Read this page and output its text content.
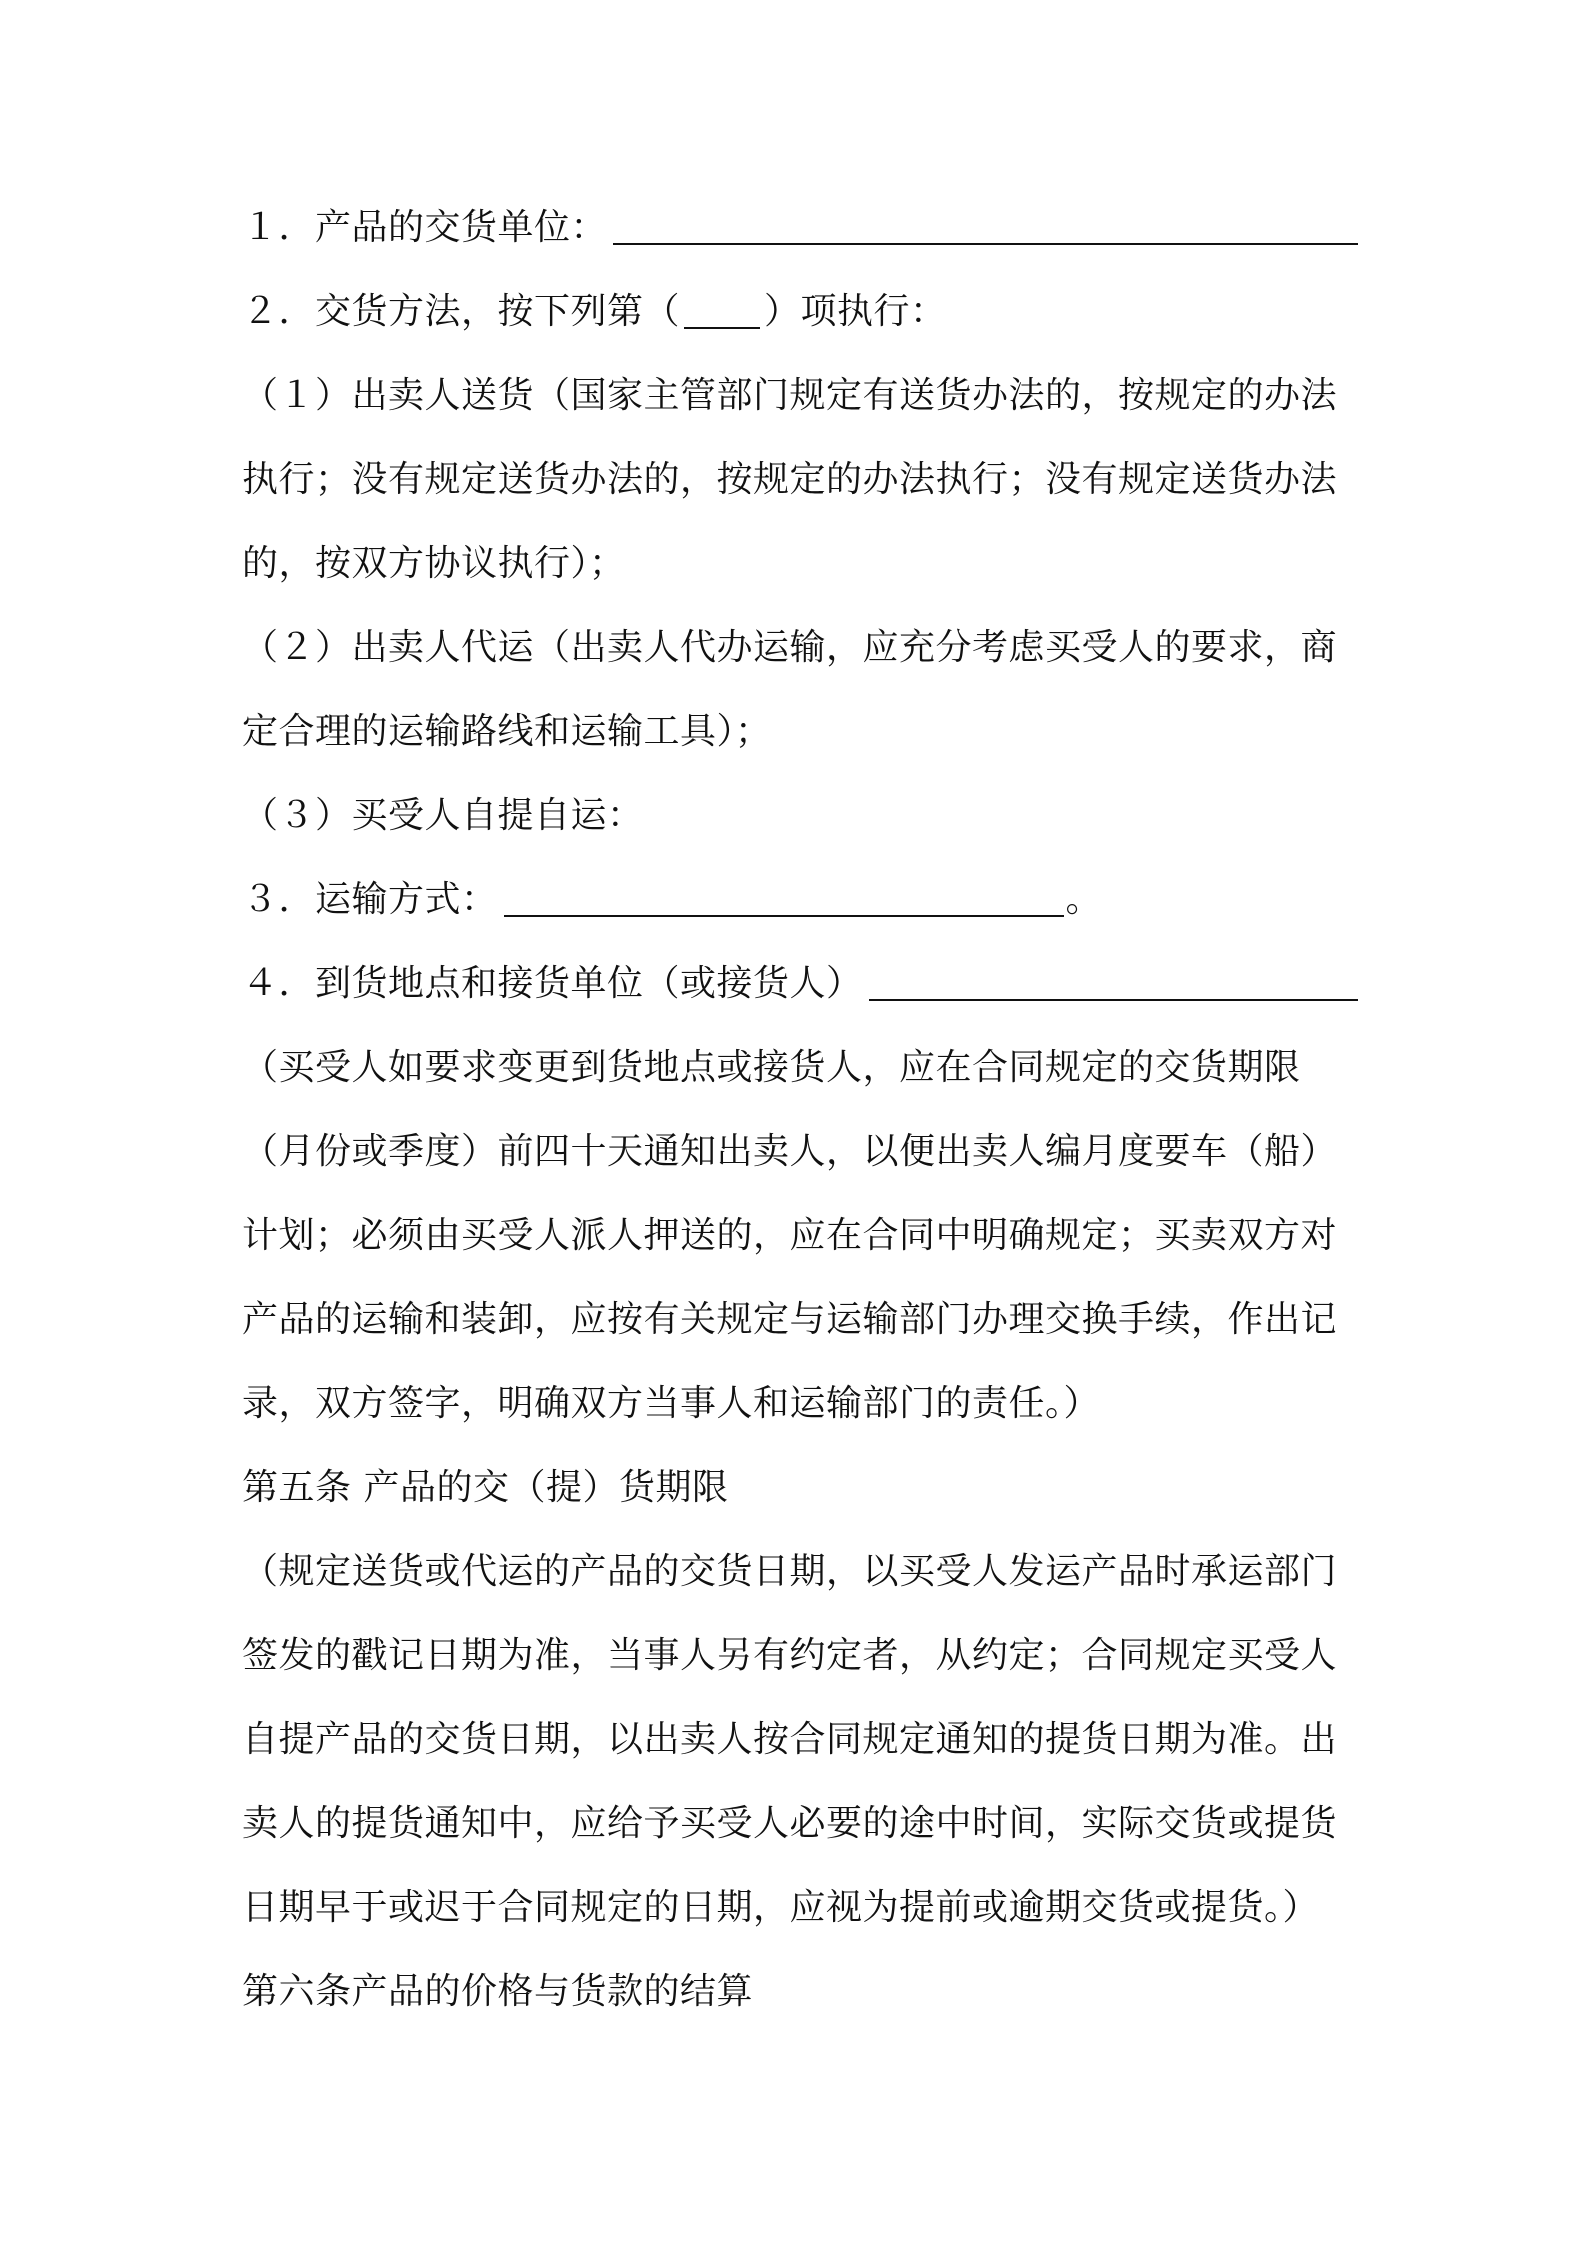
１．产品的交货单位：
２．交货方法，按下列第（ ）项执行：
（１）出卖人送货（国家主管部门规定有送货办法的，按规定的办法
执行；没有规定送货办法的，按规定的办法执行；没有规定送货办法
的，按双方协议执行）；
（２）出卖人代运（出卖人代办运输，应充分考虑买受人的要求，商
定合理的运输路线和运输工具）；
（３）买受人自提自运：
３．运输方式：	。
４．到货地点和接货单位（或接货人）
（买受人如要求变更到货地点或接货人，应在合同规定的交货期限
（月份或季度）前四十天通知出卖人，以便出卖人编月度要车（船）
计划；必须由买受人派人押送的，应在合同中明确规定；买卖双方对
产品的运输和装卸，应按有关规定与运输部门办理交换手续，作出记
录，双方签字，明确双方当事人和运输部门的责任。）
第五条 产品的交（提）货期限
（规定送货或代运的产品的交货日期，以买受人发运产品时承运部门
签发的戳记日期为准，当事人另有约定者，从约定；合同规定买受人
自提产品的交货日期，以出卖人按合同规定通知的提货日期为准。出
卖人的提货通知中，应给予买受人必要的途中时间，实际交货或提货
日期早于或迟于合同规定的日期，应视为提前或逾期交货或提货。）
第六条产品的价格与货款的结算
